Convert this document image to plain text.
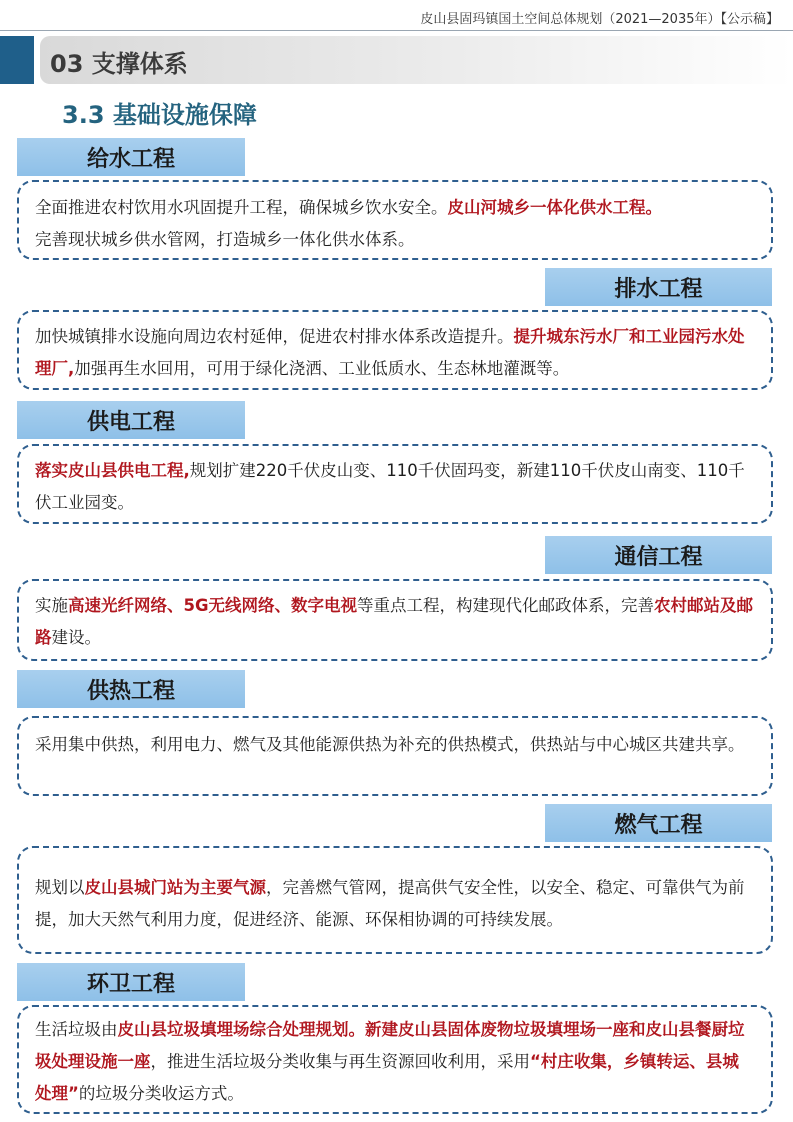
皮山县固玛镇国土空间总体规划（2021—2035年）【公示稿】
03 支撑体系
3.3 基础设施保障
给水工程
全面推进农村饮用水巩固提升工程，确保城乡饮水安全。皮山河城乡一体化供水工程。
完善现状城乡供水管网，打造城乡一体化供水体系。
排水工程
加快城镇排水设施向周边农村延伸，促进农村排水体系改造提升。提升城东污水厂和工业园污水处理厂,加强再生水回用，可用于绿化浇洒、工业低质水、生态林地灌溉等。
供电工程
落实皮山县供电工程,规划扩建220千伏皮山变、110千伏固玛变，新建110千伏皮山南变、110千伏工业园变。
通信工程
实施高速光纤网络、5G无线网络、数字电视等重点工程，构建现代化邮政体系，完善农村邮站及邮路建设。
供热工程
采用集中供热，利用电力、燃气及其他能源供热为补充的供热模式，供热站与中心城区共建共享。
燃气工程
规划以皮山县城门站为主要气源，完善燃气管网，提高供气安全性，以安全、稳定、可靠供气为前提，加大天然气利用力度，促进经济、能源、环保相协调的可持续发展。
环卫工程
生活垃圾由皮山县垃圾填埋场综合处理规划。新建皮山县固体废物垃圾填埋场一座和皮山县餐厨垃圾处理设施一座，推进生活垃圾分类收集与再生资源回收利用，采用“村庄收集，乡镇转运、县城处理”的垃圾分类收运方式。
